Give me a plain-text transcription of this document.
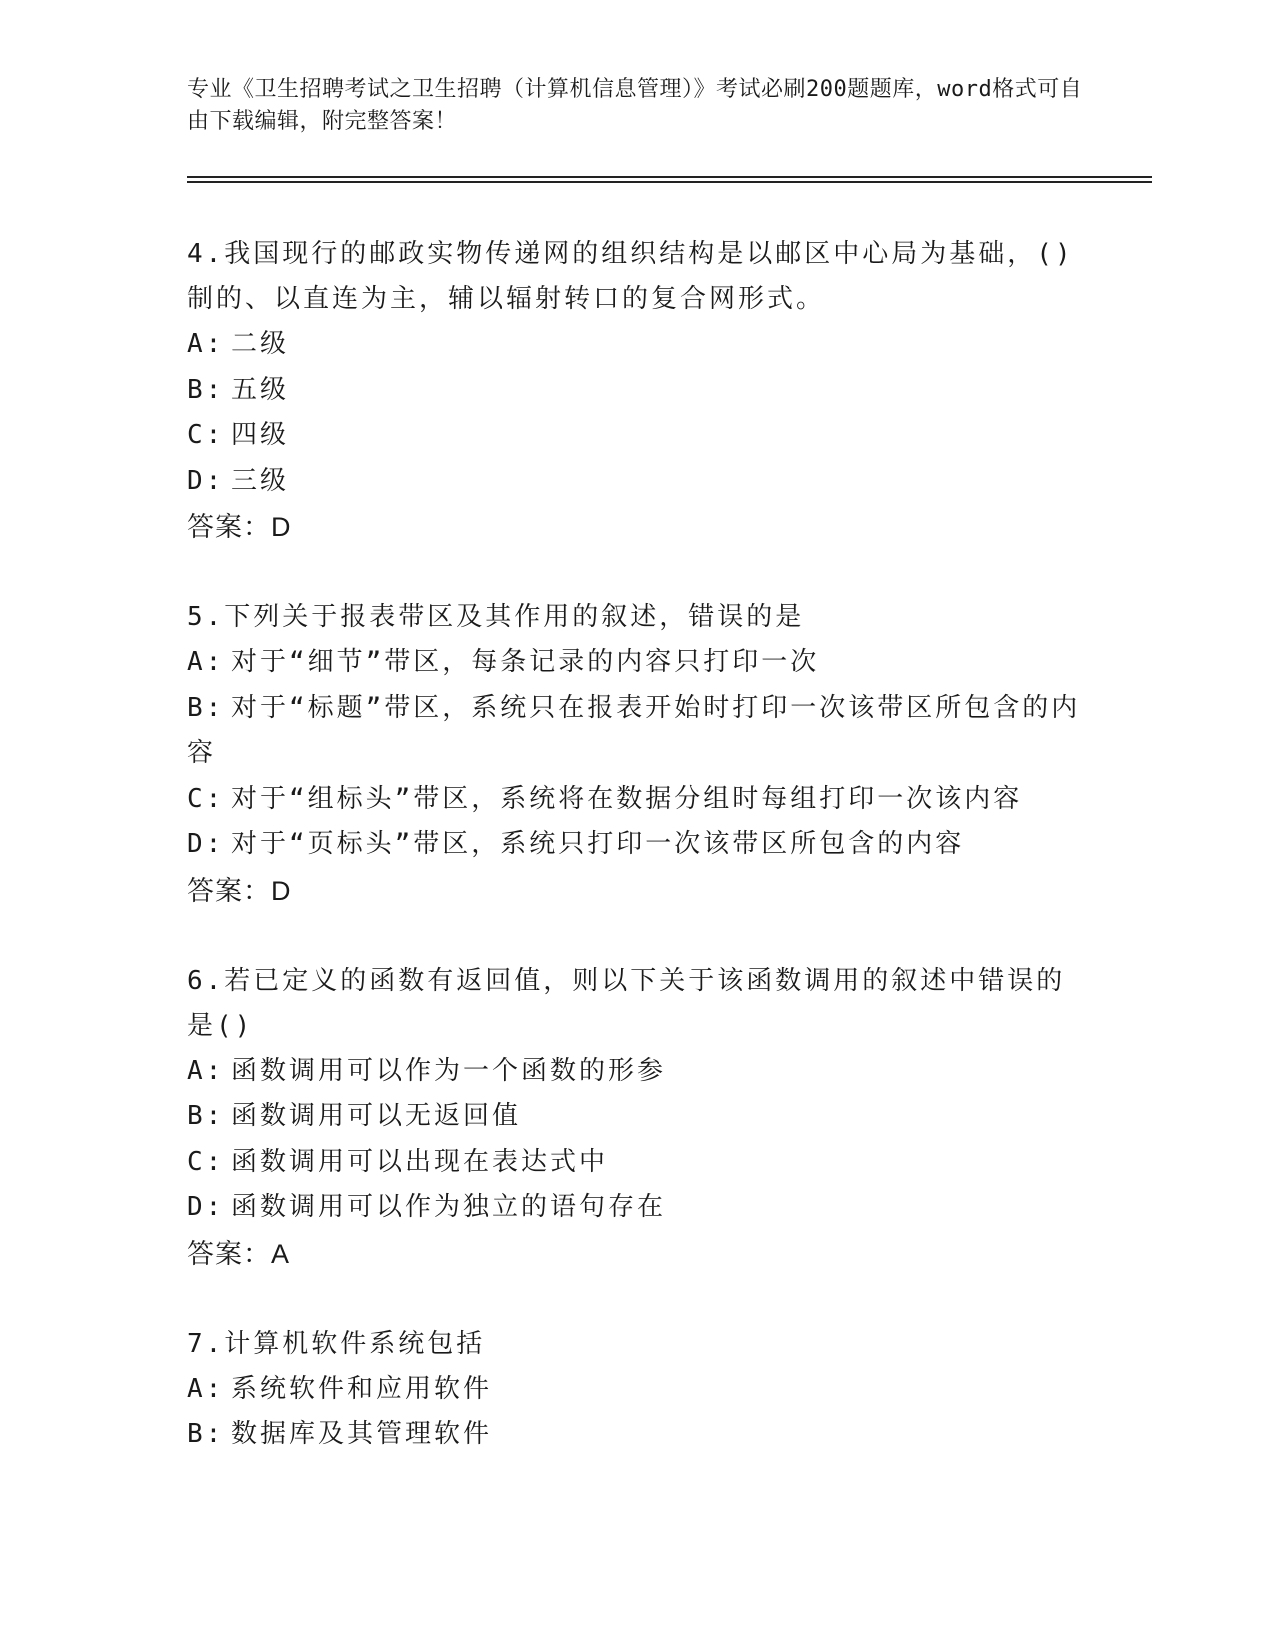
专业《卫生招聘考试之卫生招聘（计算机信息管理）》考试必刷200题题库，word格式可自由下载编辑，附完整答案！
4.我国现行的邮政实物传递网的组织结构是以邮区中心局为基础，()制的、以直连为主，辅以辐射转口的复合网形式。
A: 二级
B: 五级
C: 四级
D: 三级
答案：D
5.下列关于报表带区及其作用的叙述，错误的是
A: 对于“细节”带区，每条记录的内容只打印一次
B: 对于“标题”带区，系统只在报表开始时打印一次该带区所包含的内容
C: 对于“组标头”带区，系统将在数据分组时每组打印一次该内容
D: 对于“页标头”带区，系统只打印一次该带区所包含的内容
答案：D
6.若已定义的函数有返回值，则以下关于该函数调用的叙述中错误的是()
A: 函数调用可以作为一个函数的形参
B: 函数调用可以无返回值
C: 函数调用可以出现在表达式中
D: 函数调用可以作为独立的语句存在
答案：A
7.计算机软件系统包括
A: 系统软件和应用软件
B: 数据库及其管理软件
